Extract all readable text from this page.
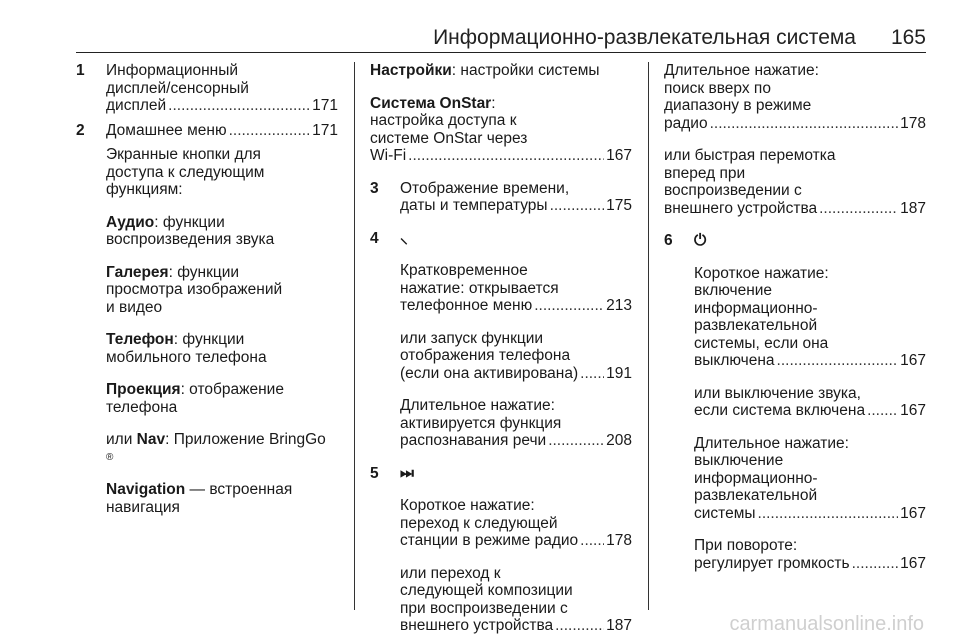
Информационно-развлекательная система 165
1 Информационный
дисплей/сенсорный
дисплей .....	171
2 Домашнее меню .....	171
Экранные кнопки для
доступа к следующим
функциям:
Аудио: функции
воспроизведения звука
Галерея: функции
просмотра изображений
и видео
Телефон: функции
мобильного телефона
Проекция: отображение
телефона
или Nav: Приложение BringGo
®
Navigation — встроенная
навигация
Настройки: настройки системы
Система OnStar:
настройка доступа к
системе OnStar через
Wi-Fi .....	167
3 Отображение времени,
даты и температуры .....	175
4 ⸜
Кратковременное
нажатие: открывается
телефонное меню .....	213
или запуск функции
отображения телефона
(если она активирована) ..... 191
Длительное нажатие:
активируется функция
распознавания речи .....	208
5 ⏭
Короткое нажатие:
переход к следующей
станции в режиме радио ..... 178
или переход к
следующей композиции
при воспроизведении с
внешнего устройства .....	187
Длительное нажатие:
поиск вверх по
диапазону в режиме
радио .....	178
или быстрая перемотка
вперед при
воспроизведении с
внешнего устройства .....	187
6 ⏻
Короткое нажатие:
включение
информационно-
развлекательной
системы, если она
выключена .....	167
или выключение звука,
если система включена ..... 167
Длительное нажатие:
выключение
информационно-
развлекательной
системы .....	167
При повороте:
регулирует громкость .....	167
carmanualsonline.info
